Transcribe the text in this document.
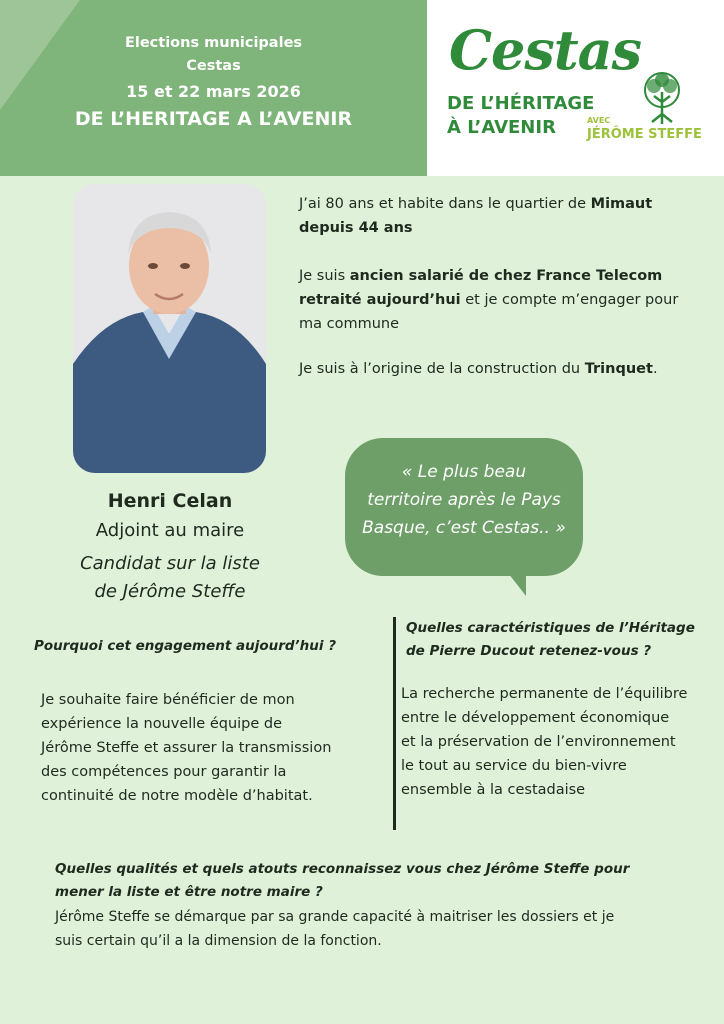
Elections municipales
Cestas
15 et 22 mars 2026
DE L’HERITAGE A L’AVENIR
Cestas
DE L’HÉRITAGE
À L’AVENIR	AVEC
JÉRÔME STEFFE
Henri Celan
Adjoint au maire
Candidat sur la liste
de Jérôme Steffe
J’ai 80 ans et habite dans le quartier de Mimaut
depuis 44 ans
Je suis ancien salarié de chez France Telecom
retraité aujourd’hui et je compte m’engager pour
ma commune
Je suis à l’origine de la construction du Trinquet.
« Le plus beau
territoire après le Pays
Basque, c’est Cestas.. »
Pourquoi cet engagement aujourd’hui ?
Je souhaite faire bénéficier de mon
expérience la nouvelle équipe de
Jérôme Steffe et assurer la transmission
des compétences pour garantir la
continuité de notre modèle d’habitat.
Quelles caractéristiques de l’Héritage
de Pierre Ducout retenez-vous ?
La recherche permanente de l’équilibre
entre le développement économique
et la préservation de l’environnement
le tout au service du bien-vivre
ensemble à la cestadaise
Quelles qualités et quels atouts reconnaissez vous chez Jérôme Steffe pour
mener la liste et être notre maire ?
Jérôme Steffe se démarque par sa grande capacité à maitriser les dossiers et je
suis certain qu’il a la dimension de la fonction.
